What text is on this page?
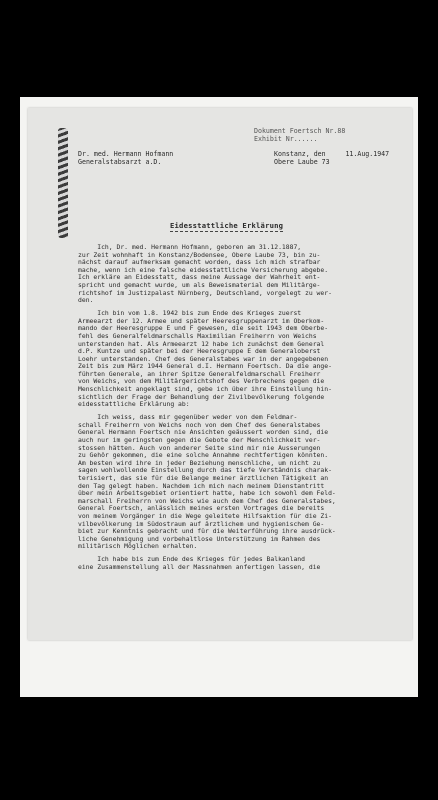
Dokument Foertsch Nr.88
Exhibit Nr......
Dr. med. Hermann Hofmann
Generalstabsarzt a.D.
Konstanz, den     11.Aug.1947
Obere Laube 73
Eidesstattliche Erklärung
Ich, Dr. med. Hermann Hofmann, geboren am 31.12.1887,
zur Zeit wohnhaft in Konstanz/Bodensee, Obere Laube 73, bin zu-
nächst darauf aufmerksam gemacht worden, dass ich mich strafbar
mache, wenn ich eine falsche eidesstattliche Versicherung abgebe.
Ich erkläre an Eidesstatt, dass meine Aussage der Wahrheit ent-
spricht und gemacht wurde, um als Beweismaterial dem Militärge-
richtshof im Justizpalast Nürnberg, Deutschland, vorgelegt zu wer-
den.
Ich bin vom 1.8. 1942 bis zum Ende des Krieges zuerst
Armeearzt der 12. Armee und später Heeresgruppenarzt im Oberkom-
mando der Heeresgruppe E und F gewesen, die seit 1943 dem Oberbe-
fehl des Generalfeldmarschalls Maximilian Freiherrn von Weichs
unterstanden hat. Als Armeearzt 12 habe ich zunächst dem General
d.P. Kuntze und später bei der Heeresgruppe E dem Generaloberst
Loehr unterstanden. Chef des Generalstabes war in der angegebenen
Zeit bis zum März 1944 General d.I. Hermann Foertsch. Da die ange-
führten Generale, an ihrer Spitze Generalfeldmarschall Freiherr
von Weichs, von dem Militärgerichtshof des Verbrechens gegen die
Menschlichkeit angeklagt sind, gebe ich über ihre Einstellung hin-
sichtlich der Frage der Behandlung der Zivilbevölkerung folgende
eidesstattliche Erklärung ab:
Ich weiss, dass mir gegenüber weder von dem Feldmar-
schall Freiherrn von Weichs noch von dem Chef des Generalstabes
General Hermann Foertsch nie Ansichten geäussert worden sind, die
auch nur im geringsten gegen die Gebote der Menschlichkeit ver-
stossen hätten. Auch von anderer Seite sind mir nie Äusserungen
zu Gehör gekommen, die eine solche Annahme rechtfertigen könnten.
Am besten wird ihre in jeder Beziehung menschliche, um nicht zu
sagen wohlwollende Einstellung durch das tiefe Verständnis charak-
terisiert, das sie für die Belange meiner ärztlichen Tätigkeit an
den Tag gelegt haben. Nachdem ich mich nach meinem Dienstantritt
über mein Arbeitsgebiet orientiert hatte, habe ich sowohl dem Feld-
marschall Freiherrn von Weichs wie auch dem Chef des Generalstabes,
General Foertsch, anlässlich meines ersten Vortrages die bereits
von meinem Vorgänger in die Wege geleitete Hilfsaktion für die Zi-
vilbevölkerung im Südostraum auf ärztlichem und hygienischem Ge-
biet zur Kenntnis gebracht und für die Weiterführung ihre ausdrück-
liche Genehmigung und vorbehaltlose Unterstützung im Rahmen des
militärisch Möglichen erhalten.
Ich habe bis zum Ende des Krieges für jedes Balkanland
eine Zusammenstellung all der Massnahmen anfertigen lassen, die
